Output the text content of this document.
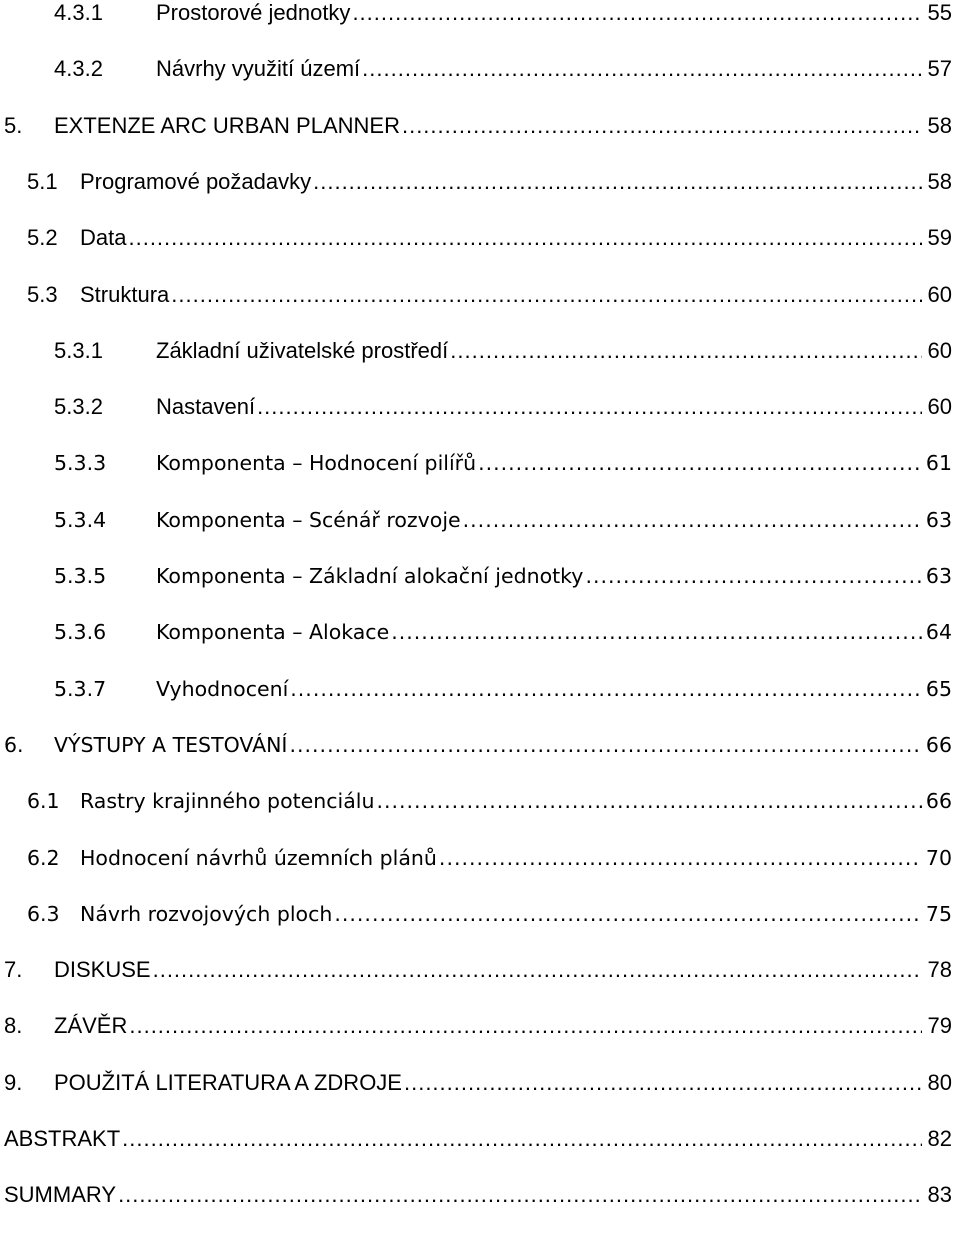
4.3.1 Prostorové jednotky .....	55
4.3.2 Návrhy využití území .....	57
5. EXTENZE ARC URBAN PLANNER .....	58
5.1 Programové požadavky .....	58
5.2 Data .....	59
5.3 Struktura .....	60
5.3.1 Základní uživatelské prostředí .....	60
5.3.2 Nastavení .....	60
5.3.3 Komponenta – Hodnocení pilířů .....	61
5.3.4 Komponenta – Scénář rozvoje .....	63
5.3.5 Komponenta – Základní alokační jednotky .....	63
5.3.6 Komponenta – Alokace .....	64
5.3.7 Vyhodnocení .....	65
6. VÝSTUPY A TESTOVÁNÍ .....	66
6.1 Rastry krajinného potenciálu .....	66
6.2 Hodnocení návrhů územních plánů .....	70
6.3 Návrh rozvojových ploch .....	75
7. DISKUSE .....	78
8. ZÁVĚR .....	79
9. POUŽITÁ LITERATURA A ZDROJE .....	80
ABSTRAKT .....	82
SUMMARY .....	83
